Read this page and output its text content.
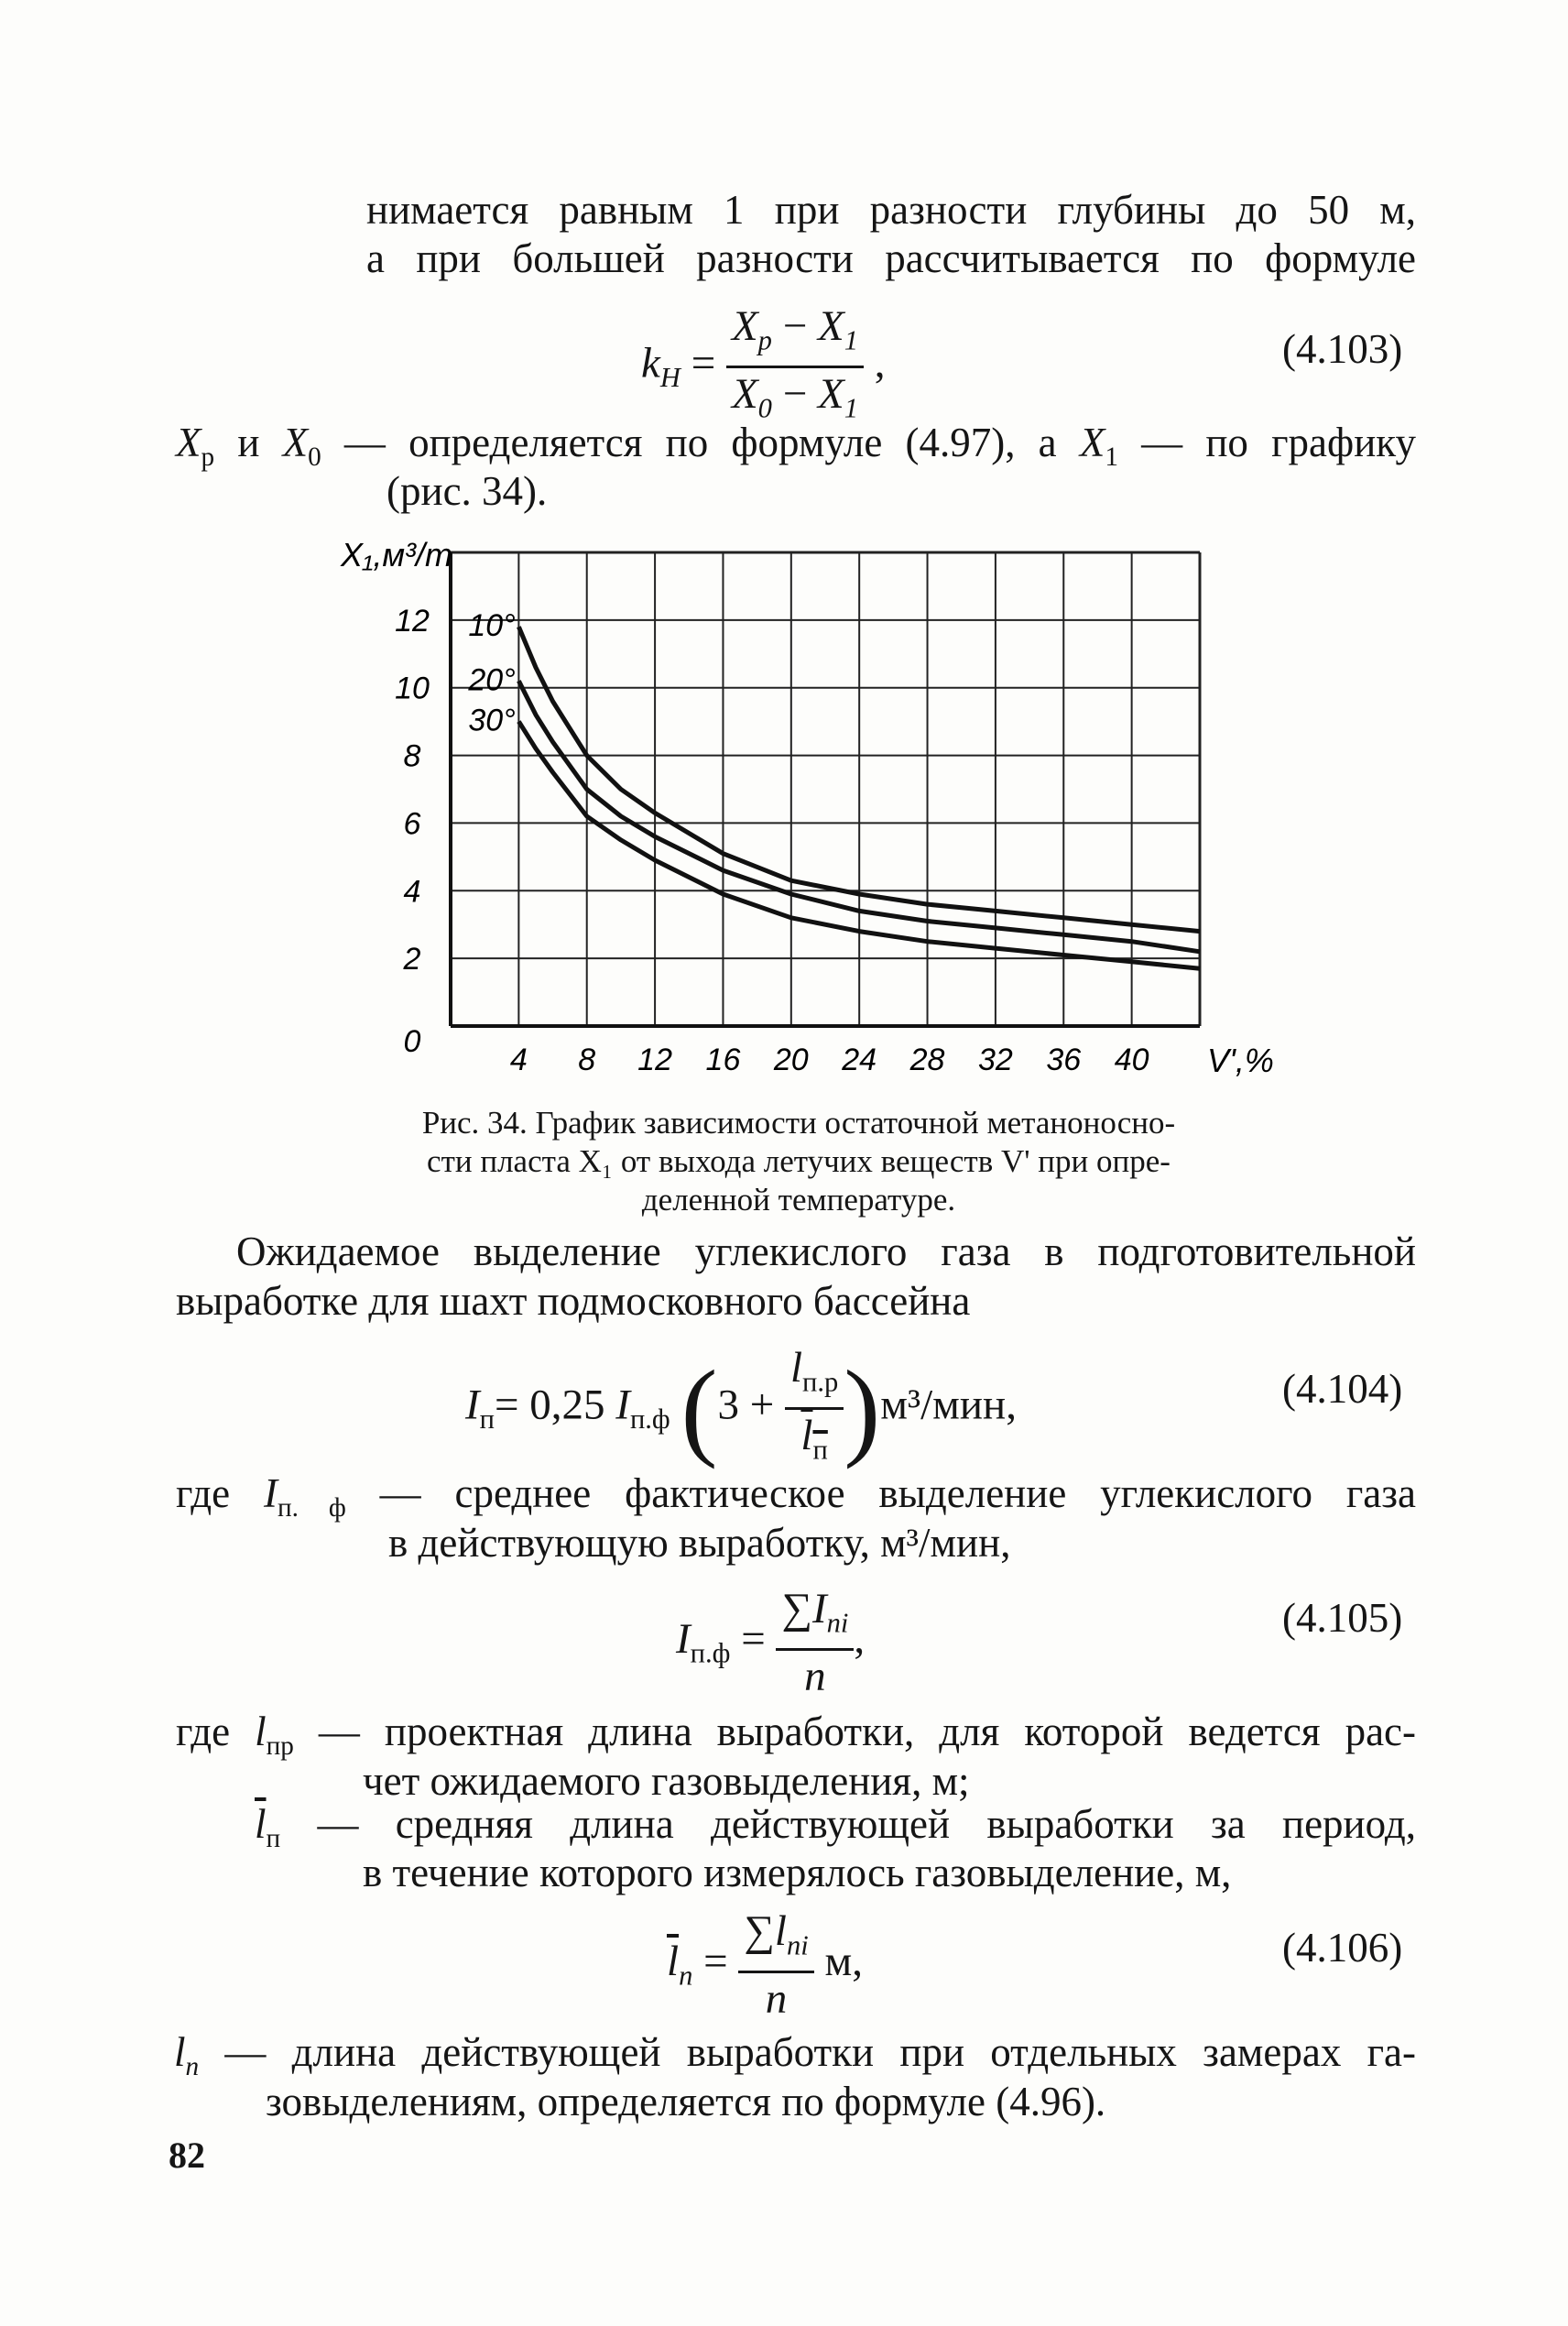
нимается равным 1 при разности глубины до 50 м,
а при большей разности рассчитывается по формуле
$k_H = \frac{X_р - X_1}{X_0 - X_1}$ ,	(4.103)
$X_р$ и $X_0$ — определяется по формуле (4.97), а $X_1$ — по графику
(рис. 34).
10°
20°
30°
4 8 12 16 20 24 28 32 36 40
0
2
4
6
8
10
12
X₁,м³/т
V',%
Рис. 34. График зависимости остаточной метаноносно-
сти пласта X₁ от выхода летучих веществ V' при опре-
деленной температуре.
Ожидаемое выделение углекислого газа в подготовительной
выработке для шахт подмосковного бассейна
$I_п= 0,25$ $I_{п.ф}$ $(3 + \frac{l_{п.р}}{l_п} )м^3/мин$,	(4.104)
где $I_{п. ф}$ — среднее фактическое выделение углекислого газа
в действующую выработку, м³/мин,
$I_{п.ф} = \frac{\sum I_{ni}}{n}$ ,	(4.105)
где $l_{пр}$ — проектная длина выработки, для которой ведется рас-
чет ожидаемого газовыделения, м;
$\overline{l}_п$ — средняя длина действующей выработки за период,
в течение которого измерялось газовыделение, м,
$\overline{l}_n = \frac{\sum l_{ni}}{n} м$,	(4.106)
$l_n$ — длина действующей выработки при отдельных замерах га-
зовыделениям, определяется по формуле (4.96).
82
